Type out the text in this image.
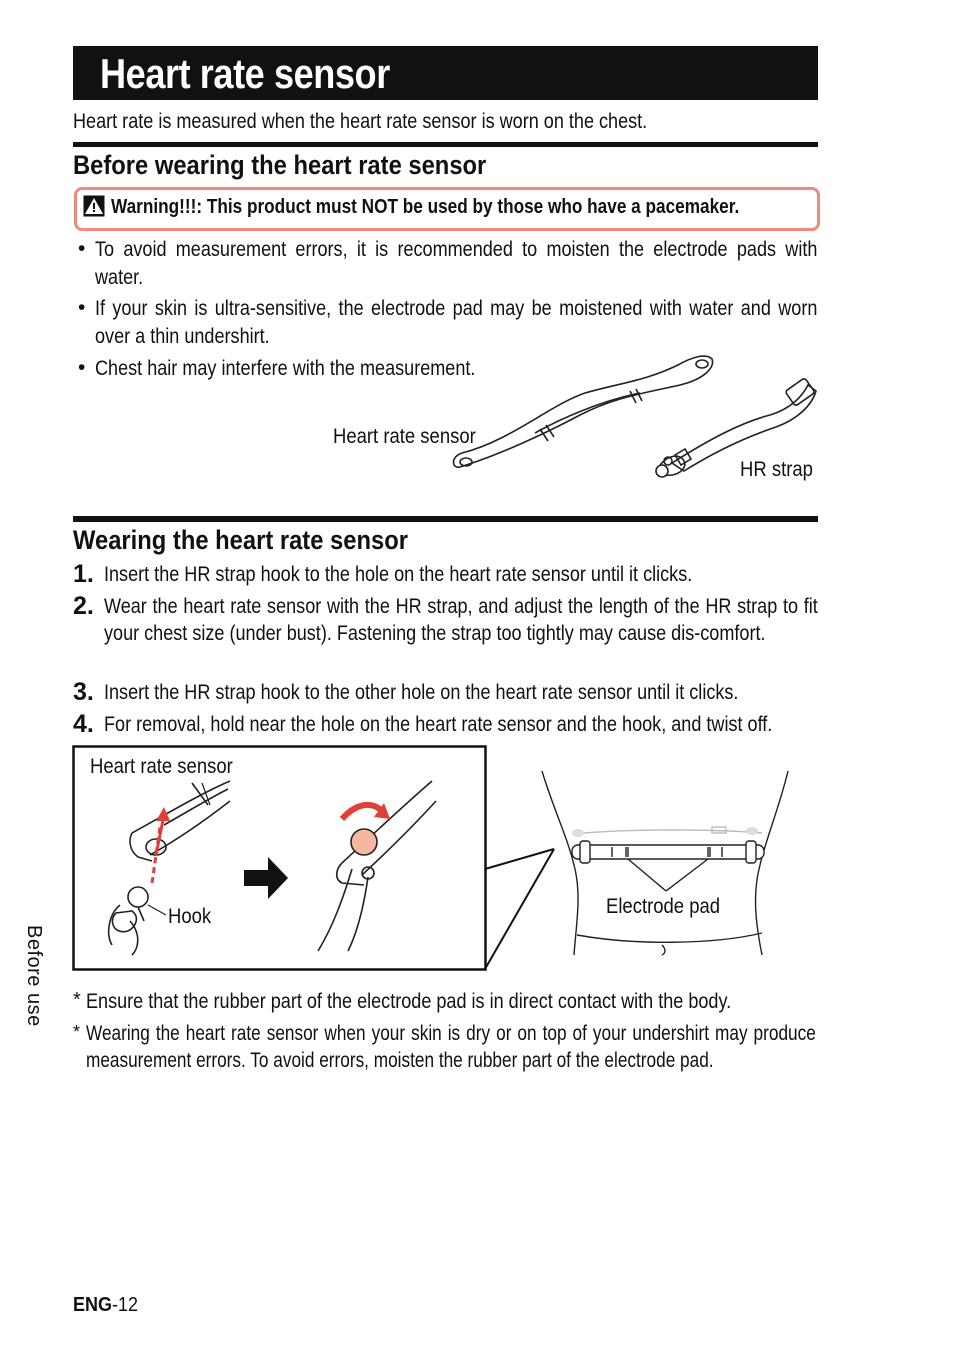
Heart rate sensor
Heart rate is measured when the heart rate sensor is worn on the chest.
Before wearing the heart rate sensor
Warning!!!: This product must NOT be used by those who have a pacemaker.
• To avoid measurement errors, it is recommended to moisten the electrode pads with water.
• If your skin is ultra-sensitive, the electrode pad may be moistened with water and worn over a thin undershirt.
• Chest hair may interfere with the measurement.
Heart rate sensor
HR strap
Wearing the heart rate sensor
1. Insert the HR strap hook to the hole on the heart rate sensor until it clicks.
2. Wear the heart rate sensor with the HR strap, and adjust the length of the HR strap to fit your chest size (under bust). Fastening the strap too tightly may cause dis-comfort.
3. Insert the HR strap hook to the other hole on the heart rate sensor until it clicks.
4. For removal, hold near the hole on the heart rate sensor and the hook, and twist off.
Heart rate sensor
Hook	Electrode pad
* Ensure that the rubber part of the electrode pad is in direct contact with the body.
* Wearing the heart rate sensor when your skin is dry or on top of your undershirt may produce measurement errors. To avoid errors, moisten the rubber part of the electrode pad.
Before use
ENG-12
